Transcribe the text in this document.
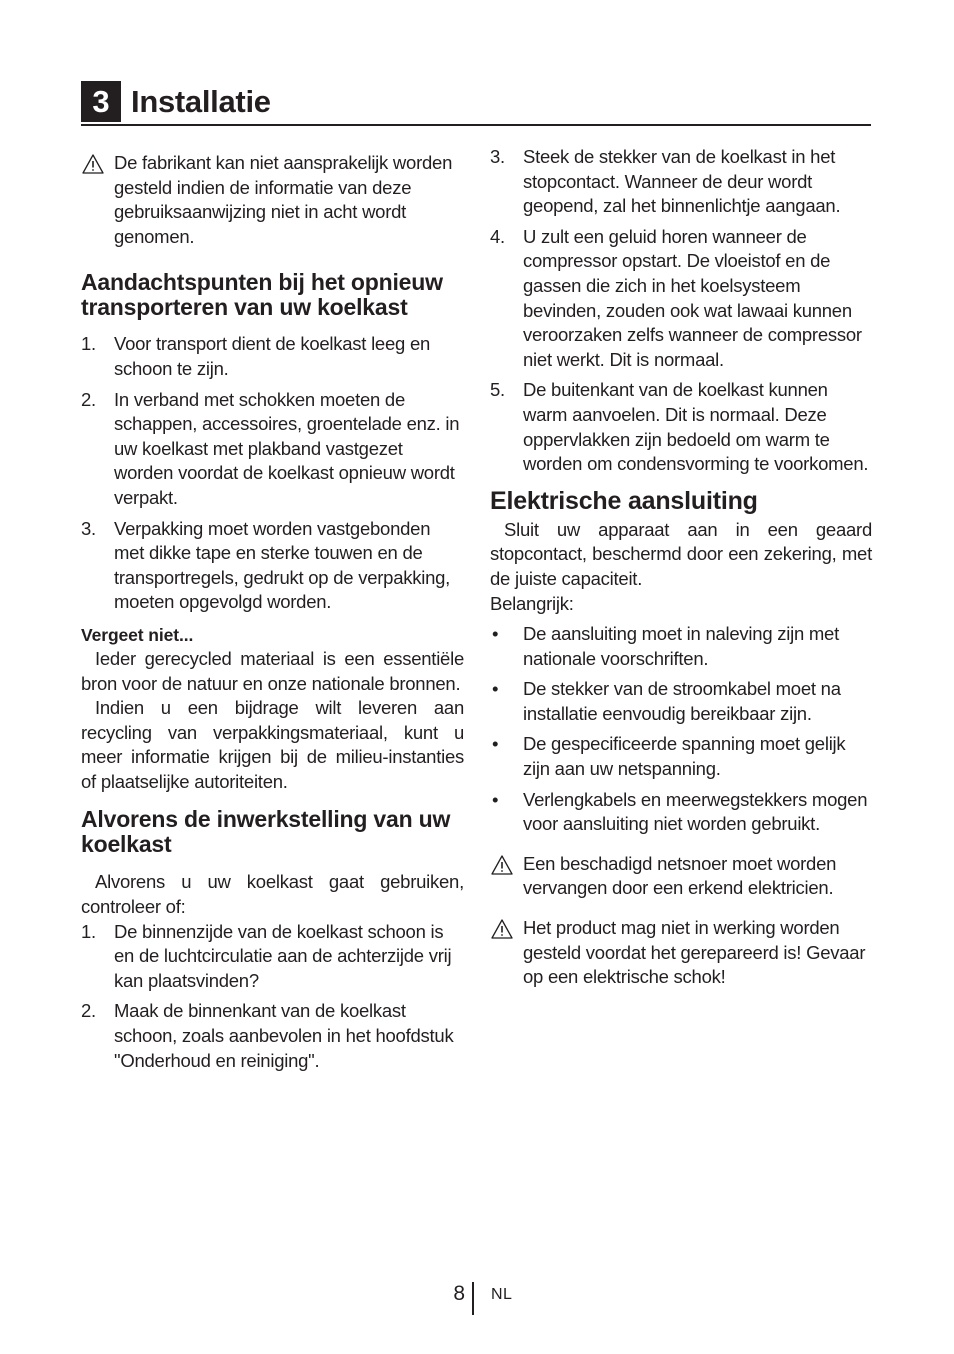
3 Installatie
De fabrikant kan niet aansprakelijk worden gesteld indien de informatie van deze gebruiksaanwijzing niet in acht wordt genomen.
Aandachtspunten bij het opnieuw transporteren van uw koelkast
1. Voor transport dient de koelkast leeg en schoon te zijn.
2. In verband met schokken moeten de schappen, accessoires, groentelade enz. in uw koelkast met plakband vastgezet worden voordat de koelkast opnieuw wordt verpakt.
3. Verpakking moet worden vastgebonden met dikke tape en sterke touwen en de transportregels, gedrukt op de verpakking, moeten opgevolgd worden.
Vergeet niet...

Ieder gerecycled materiaal is een essentiële bron voor de natuur en onze nationale bronnen.

Indien u een bijdrage wilt leveren aan recycling van verpakkingsmateriaal, kunt u meer informatie krijgen bij de milieu-instanties of plaatselijke autoriteiten.

Alvorens de inwerkstelling van uw koelkast

Alvorens u uw koelkast gaat gebruiken, controleer of:

1. De binnenzijde van de koelkast schoon is en de luchtcirculatie aan de achterzijde vrij kan plaatsvinden?
2. Maak de binnenkant van de koelkast schoon, zoals aanbevolen in het hoofdstuk "Onderhoud en reiniging".
3. Steek de stekker van de koelkast in het stopcontact. Wanneer de deur wordt geopend, zal het binnenlichtje aangaan.
4. U zult een geluid horen wanneer de compressor opstart. De vloeistof en de gassen die zich in het koelsysteem bevinden, zouden ook wat lawaai kunnen veroorzaken zelfs wanneer de compressor niet werkt. Dit is normaal.
5. De buitenkant van de koelkast kunnen warm aanvoelen. Dit is normaal. Deze oppervlakken zijn bedoeld om warm te worden om condensvorming te voorkomen.
Elektrische aansluiting

Sluit uw apparaat aan in een geaard stopcontact, beschermd door een zekering, met de juiste capaciteit.

Belangrijk:

• De aansluiting moet in naleving zijn met nationale voorschriften.
• De stekker van de stroomkabel moet na installatie eenvoudig bereikbaar zijn.
• De gespecificeerde spanning moet gelijk zijn aan uw netspanning.
• Verlengkabels en meerwegstekkers mogen voor aansluiting niet worden gebruikt.
Een beschadigd netsnoer moet worden vervangen door een erkend elektricien.
Het product mag niet in werking worden gesteld voordat het gerepareerd is! Gevaar op een elektrische schok!
8 NL
